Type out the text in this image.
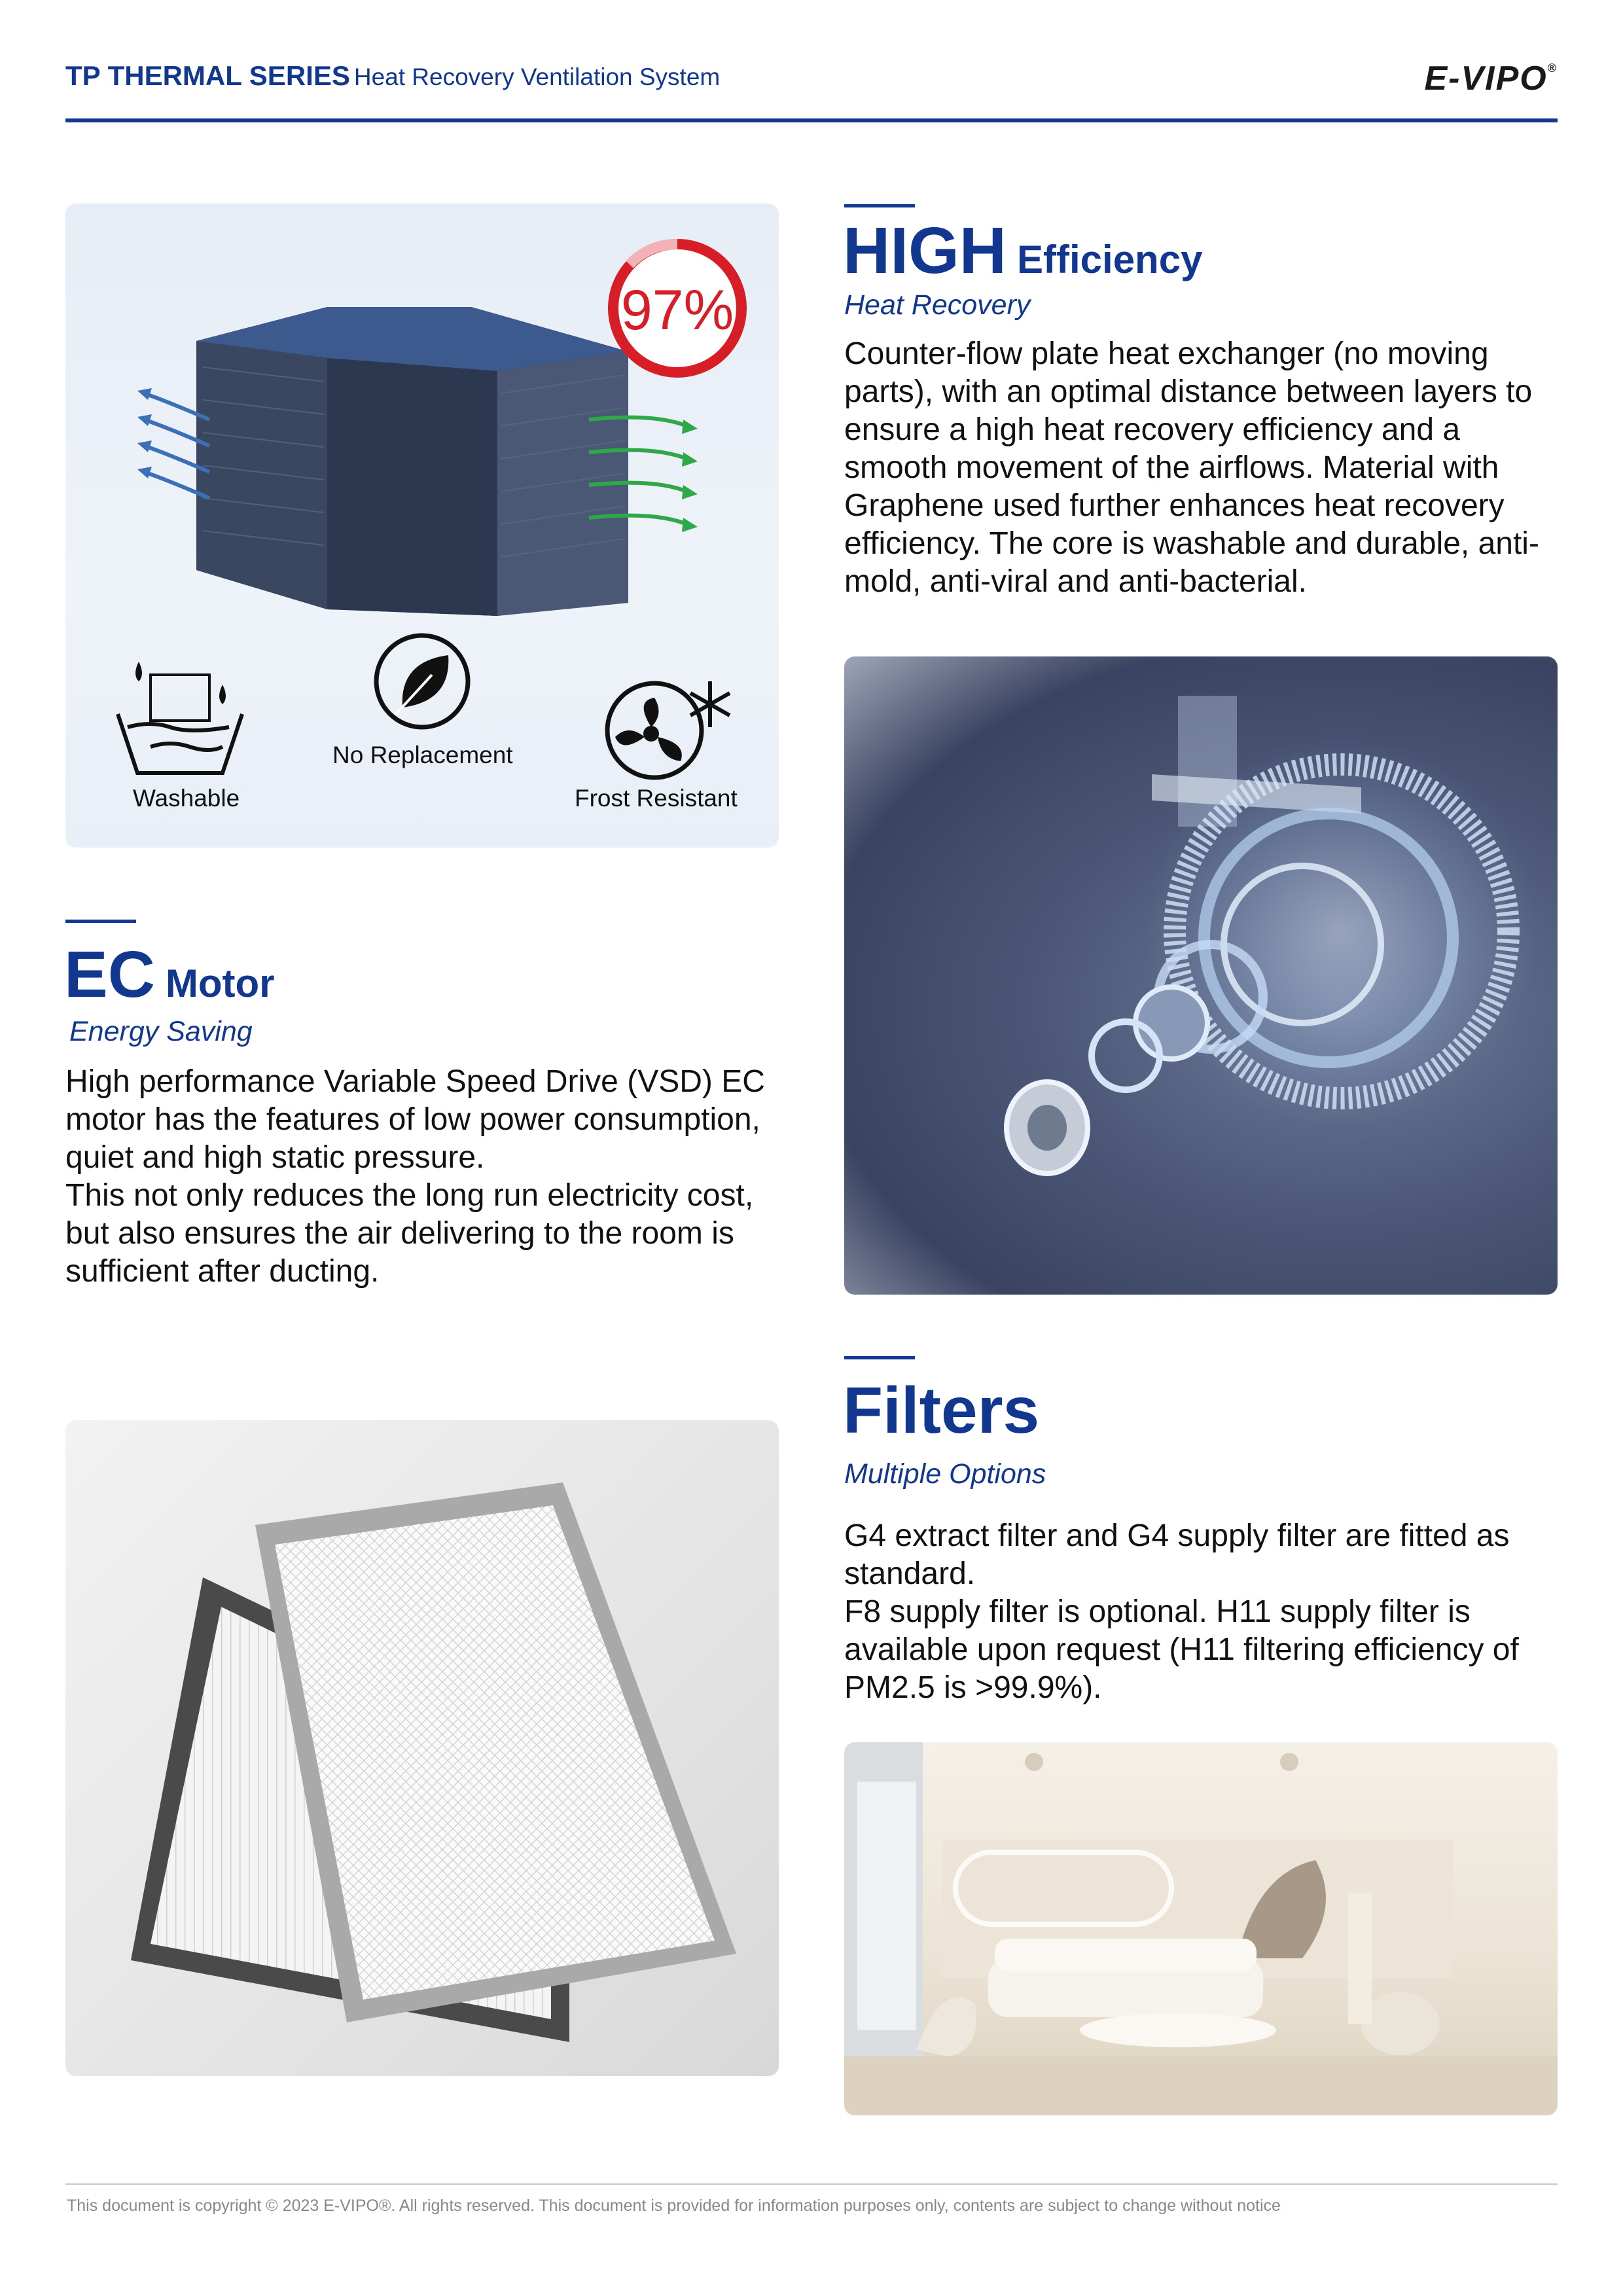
TP THERMAL SERIES Heat Recovery Ventilation System	E-VIPO®
97%
Washable
No Replacement
Frost Resistant
HIGH Efficiency
Heat Recovery
Counter-flow plate heat exchanger (no moving parts), with an optimal distance between layers to ensure a high heat recovery efficiency and a smooth movement of the airflows. Material with Graphene used further enhances heat recovery efficiency. The core is washable and durable, anti-mold, anti-viral and anti-bacterial.
EC Motor
Energy Saving

High performance Variable Speed Drive (VSD) EC motor has the features of low power consumption, quiet and high static pressure.

This not only reduces the long run electricity cost, but also ensures the air delivering to the room is sufficient after ducting.

Filters
Multiple Options

G4 extract filter and G4 supply filter are fitted as standard.

F8 supply filter is optional. H11 supply filter is available upon request (H11 filtering efficiency of PM2.5 is >99.9%).

This document is copyright © 2023 E-VIPO®. All rights reserved. This document is provided for information purposes only, contents are subject to change without notice
